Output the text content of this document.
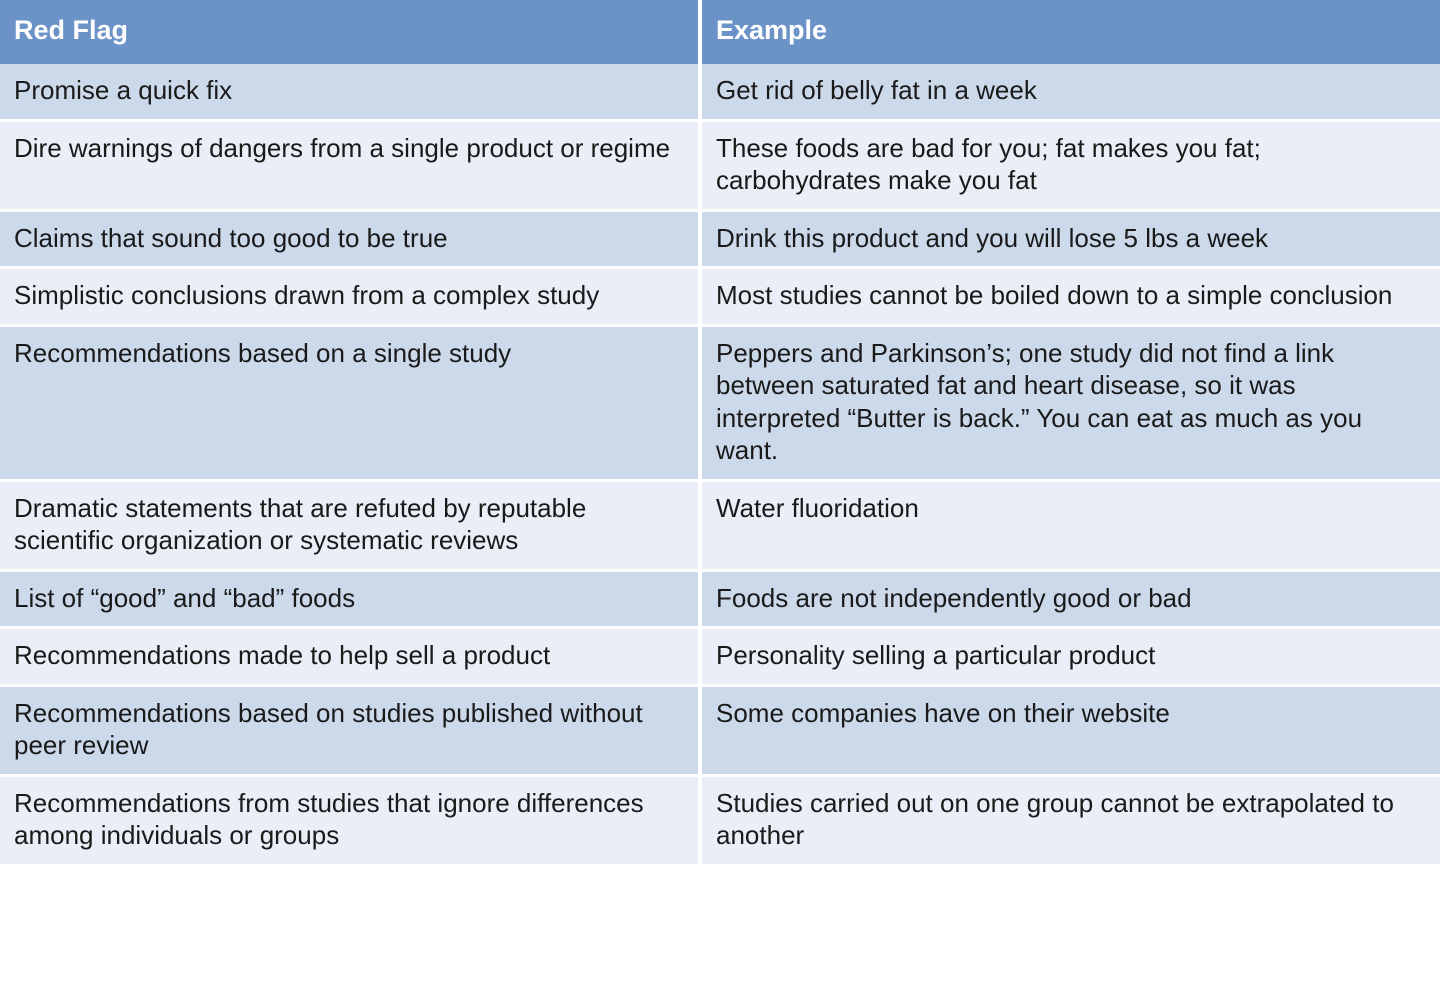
Red Flag	Example

Promise a quick fix	Get rid of belly fat in a week

Dire warnings of dangers from a single product or regime	These foods are bad for you; fat makes you fat; carbohydrates make you fat

Claims that sound too good to be true	Drink this product and you will lose 5 lbs a week

Simplistic conclusions drawn from a complex study	Most studies cannot be boiled down to a simple conclusion

Recommendations based on a single study	Peppers and Parkinson’s; one study did not find a link between saturated fat and heart disease, so it was interpreted “Butter is back.” You can eat as much as you want.

Dramatic statements that are refuted by reputable scientific organization or systematic reviews	Water fluoridation

List of “good” and “bad” foods	Foods are not independently good or bad

Recommendations made to help sell a product	Personality selling a particular product

Recommendations based on studies published without peer review	Some companies have on their website

Recommendations from studies that ignore differences among individuals or groups	Studies carried out on one group cannot be extrapolated to another
